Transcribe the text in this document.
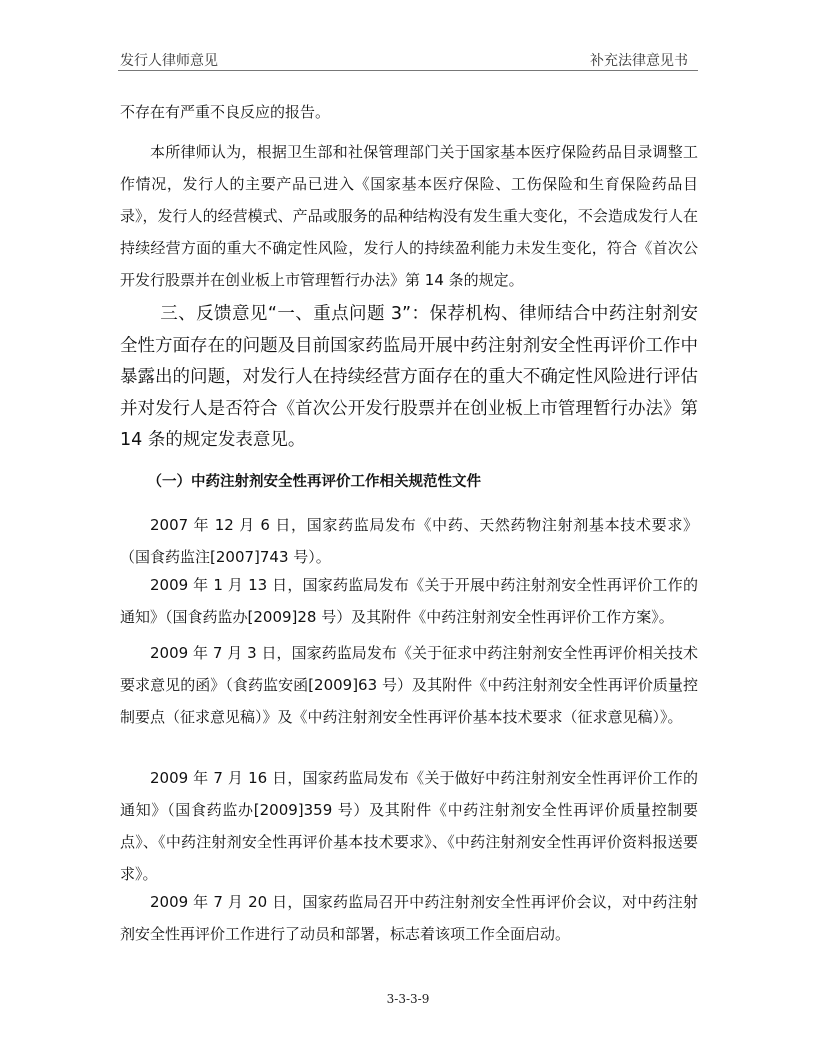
发行人律师意见	补充法律意见书
不存在有严重不良反应的报告。
本所律师认为，根据卫生部和社保管理部门关于国家基本医疗保险药品目录调整工作情况，发行人的主要产品已进入《国家基本医疗保险、工伤保险和生育保险药品目录》，发行人的经营模式、产品或服务的品种结构没有发生重大变化，不会造成发行人在持续经营方面的重大不确定性风险，发行人的持续盈利能力未发生变化，符合《首次公开发行股票并在创业板上市管理暂行办法》第 14 条的规定。
三、反馈意见“一、重点问题 3”：保荐机构、律师结合中药注射剂安全性方面存在的问题及目前国家药监局开展中药注射剂安全性再评价工作中暴露出的问题，对发行人在持续经营方面存在的重大不确定性风险进行评估并对发行人是否符合《首次公开发行股票并在创业板上市管理暂行办法》第 14 条的规定发表意见。
（一）中药注射剂安全性再评价工作相关规范性文件
2007 年 12 月 6 日，国家药监局发布《中药、天然药物注射剂基本技术要求》（国食药监注[2007]743 号）。
2009 年 1 月 13 日，国家药监局发布《关于开展中药注射剂安全性再评价工作的通知》（国食药监办[2009]28 号）及其附件《中药注射剂安全性再评价工作方案》。
2009 年 7 月 3 日，国家药监局发布《关于征求中药注射剂安全性再评价相关技术要求意见的函》（食药监安函[2009]63 号）及其附件《中药注射剂安全性再评价质量控制要点（征求意见稿）》及《中药注射剂安全性再评价基本技术要求（征求意见稿）》。
2009 年 7 月 16 日，国家药监局发布《关于做好中药注射剂安全性再评价工作的通知》（国食药监办[2009]359 号）及其附件《中药注射剂安全性再评价质量控制要点》、《中药注射剂安全性再评价基本技术要求》、《中药注射剂安全性再评价资料报送要求》。
2009 年 7 月 20 日，国家药监局召开中药注射剂安全性再评价会议，对中药注射剂安全性再评价工作进行了动员和部署，标志着该项工作全面启动。
3-3-3-9
